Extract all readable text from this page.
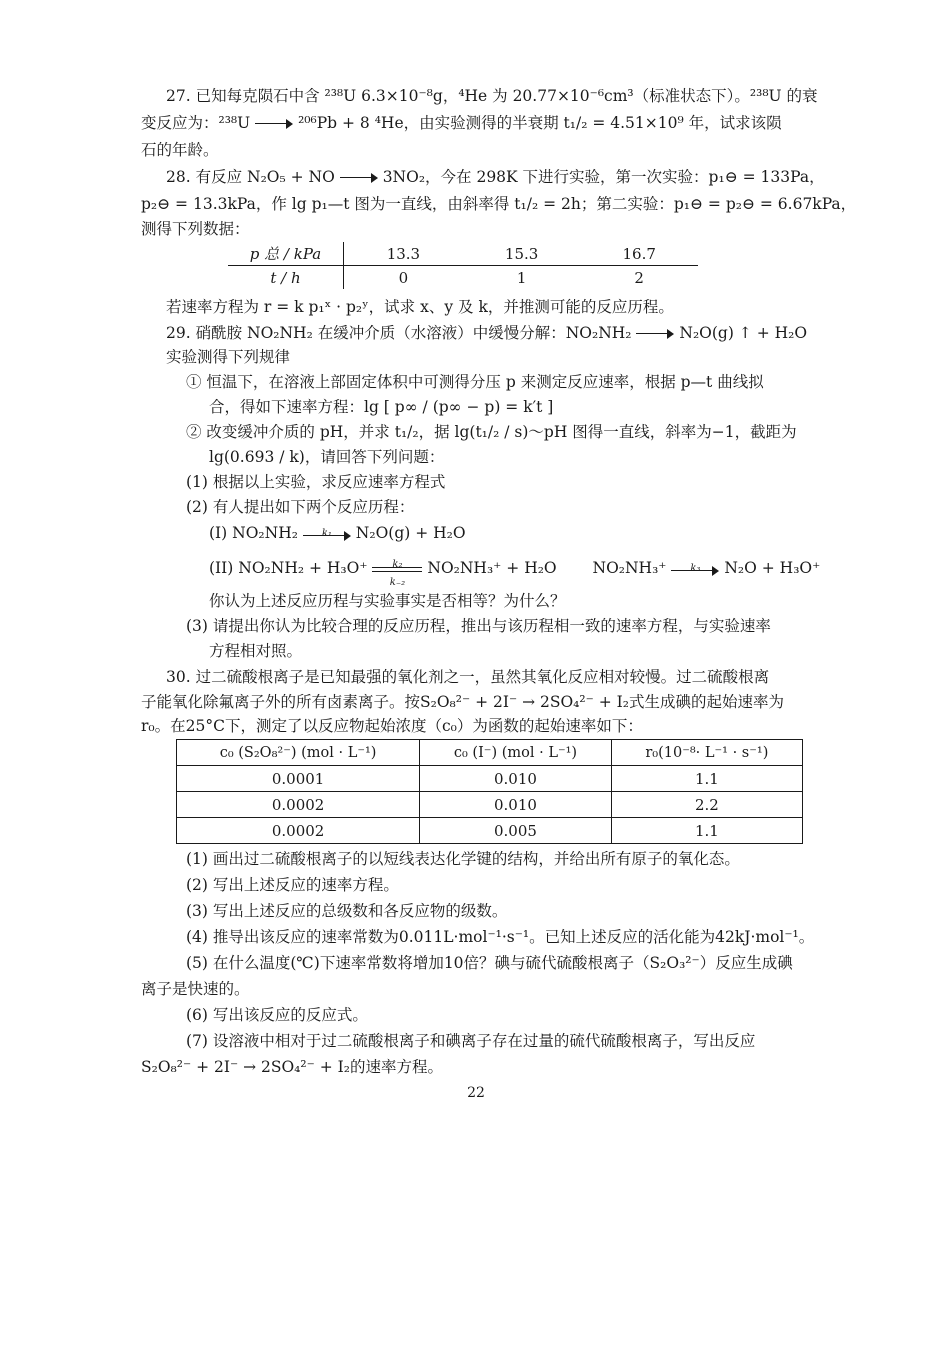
27. 已知每克陨石中含 ²³⁸U 6.3×10⁻⁸g，⁴He 为 20.77×10⁻⁶cm³（标准状态下）。²³⁸U 的衰
变反应为：²³⁸U	²⁰⁶Pb + 8 ⁴He，由实验测得的半衰期 t₁/₂ = 4.51×10⁹ 年，试求该陨
石的年龄。
28. 有反应 N₂O₅ + NO	3NO₂，今在 298K 下进行实验，第一次实验：p₁⊖ = 133Pa，
p₂⊖ = 13.3kPa，作 lg p₁—t 图为一直线，由斜率得 t₁/₂ = 2h；第二实验：p₁⊖ = p₂⊖ = 6.67kPa，
测得下列数据：
p 总 / kPa	13.3	15.3	16.7
t / h	0	1	2
若速率方程为 r = k p₁ˣ · p₂ʸ，试求 x、y 及 k，并推测可能的反应历程。
29. 硝酰胺 NO₂NH₂ 在缓冲介质（水溶液）中缓慢分解：NO₂NH₂	N₂O(g) ↑ + H₂O
实验测得下列规律
① 恒温下，在溶液上部固定体积中可测得分压 p 来测定反应速率，根据 p—t 曲线拟
合，得如下速率方程：lg [ p∞ / (p∞ − p) = k′t ]
② 改变缓冲介质的 pH，并求 t₁/₂，据 lg(t₁/₂ / s)～pH 图得一直线，斜率为−1，截距为
lg(0.693 / k)，请回答下列问题：
(1) 根据以上实验，求反应速率方程式
(2) 有人提出如下两个反应历程：
(I) NO₂NH₂	k₁	N₂O(g) + H₂O
(II) $NO_2NH_2 + H_3O^+ \frac{\text{k₂}}{\text{k₋₂}} NO_2NH_3^+ + H_2O$ NO₂NH₃⁺	k₃	N₂O + H₃O⁺
你认为上述反应历程与实验事实是否相等？为什么？
(3) 请提出你认为比较合理的反应历程，推出与该历程相一致的速率方程，与实验速率
方程相对照。
30. 过二硫酸根离子是已知最强的氧化剂之一，虽然其氧化反应相对较慢。过二硫酸根离
子能氧化除氟离子外的所有卤素离子。按S₂O₈²⁻ + 2I⁻ → 2SO₄²⁻ + I₂式生成碘的起始速率为
r₀。在25°C下，测定了以反应物起始浓度（c₀）为函数的起始速率如下：
c₀ (S₂O₈²⁻) (mol · L⁻¹)	c₀ (I⁻) (mol · L⁻¹)	r₀(10⁻⁸· L⁻¹ · s⁻¹)
0.0001	0.010	1.1
0.0002	0.010	2.2
0.0002	0.005	1.1
(1) 画出过二硫酸根离子的以短线表达化学键的结构，并给出所有原子的氧化态。
(2) 写出上述反应的速率方程。
(3) 写出上述反应的总级数和各反应物的级数。
(4) 推导出该反应的速率常数为0.011L·mol⁻¹·s⁻¹。已知上述反应的活化能为42kJ·mol⁻¹。
(5) 在什么温度(℃)下速率常数将增加10倍？碘与硫代硫酸根离子（S₂O₃²⁻）反应生成碘
离子是快速的。
(6) 写出该反应的反应式。
(7) 设溶液中相对于过二硫酸根离子和碘离子存在过量的硫代硫酸根离子，写出反应
S₂O₈²⁻ + 2I⁻ → 2SO₄²⁻ + I₂的速率方程。
22
